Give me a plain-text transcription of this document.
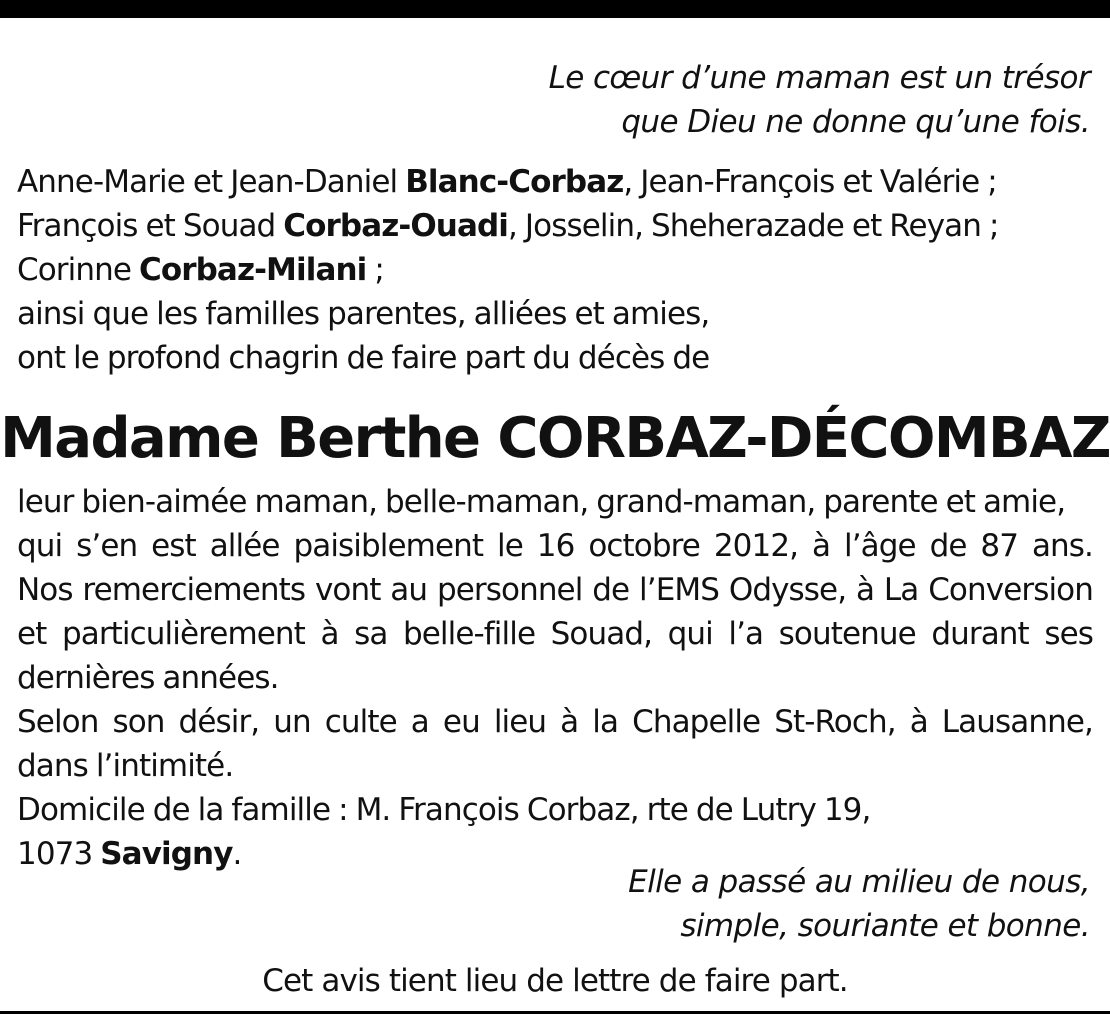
Le cœur d’une maman est un trésor
que Dieu ne donne qu’une fois.
Anne-Marie et Jean-Daniel Blanc-Corbaz, Jean-François et Valérie ;
François et Souad Corbaz-Ouadi, Josselin, Sheherazade et Reyan ;
Corinne Corbaz-Milani ;
ainsi que les familles parentes, alliées et amies,
ont le profond chagrin de faire part du décès de
Madame Berthe CORBAZ-DÉCOMBAZ
leur bien-aimée maman, belle-maman, grand-maman, parente et amie,
qui s’en est allée paisiblement le 16 octobre 2012, à l’âge de 87 ans.
Nos remerciements vont au personnel de l’EMS Odysse, à La Conversion
et particulièrement à sa belle-fille Souad, qui l’a soutenue durant ses
dernières années.
Selon son désir, un culte a eu lieu à la Chapelle St-Roch, à Lausanne,
dans l’intimité.
Domicile de la famille : M. François Corbaz, rte de Lutry 19,
1073 Savigny.
Elle a passé au milieu de nous,
simple, souriante et bonne.
Cet avis tient lieu de lettre de faire part.
